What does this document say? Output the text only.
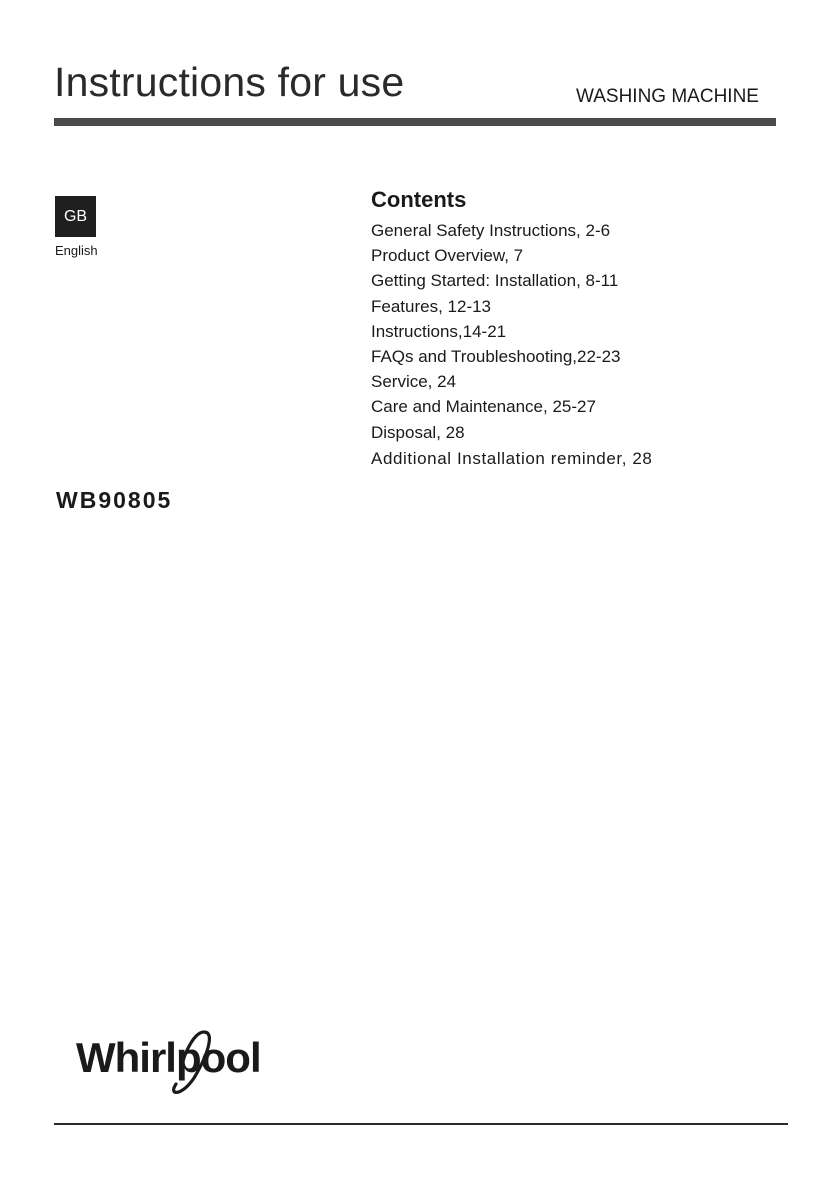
Instructions for use	WASHING MACHINE
GB
English
Contents
General Safety Instructions, 2-6
Product Overview, 7
Getting Started: Installation, 8-11
Features, 12-13
Instructions,14-21
FAQs and Troubleshooting,22-23
Service, 24
Care and Maintenance, 25-27
Disposal, 28
Additional Installation reminder, 28
WB90805
Whirlpool
